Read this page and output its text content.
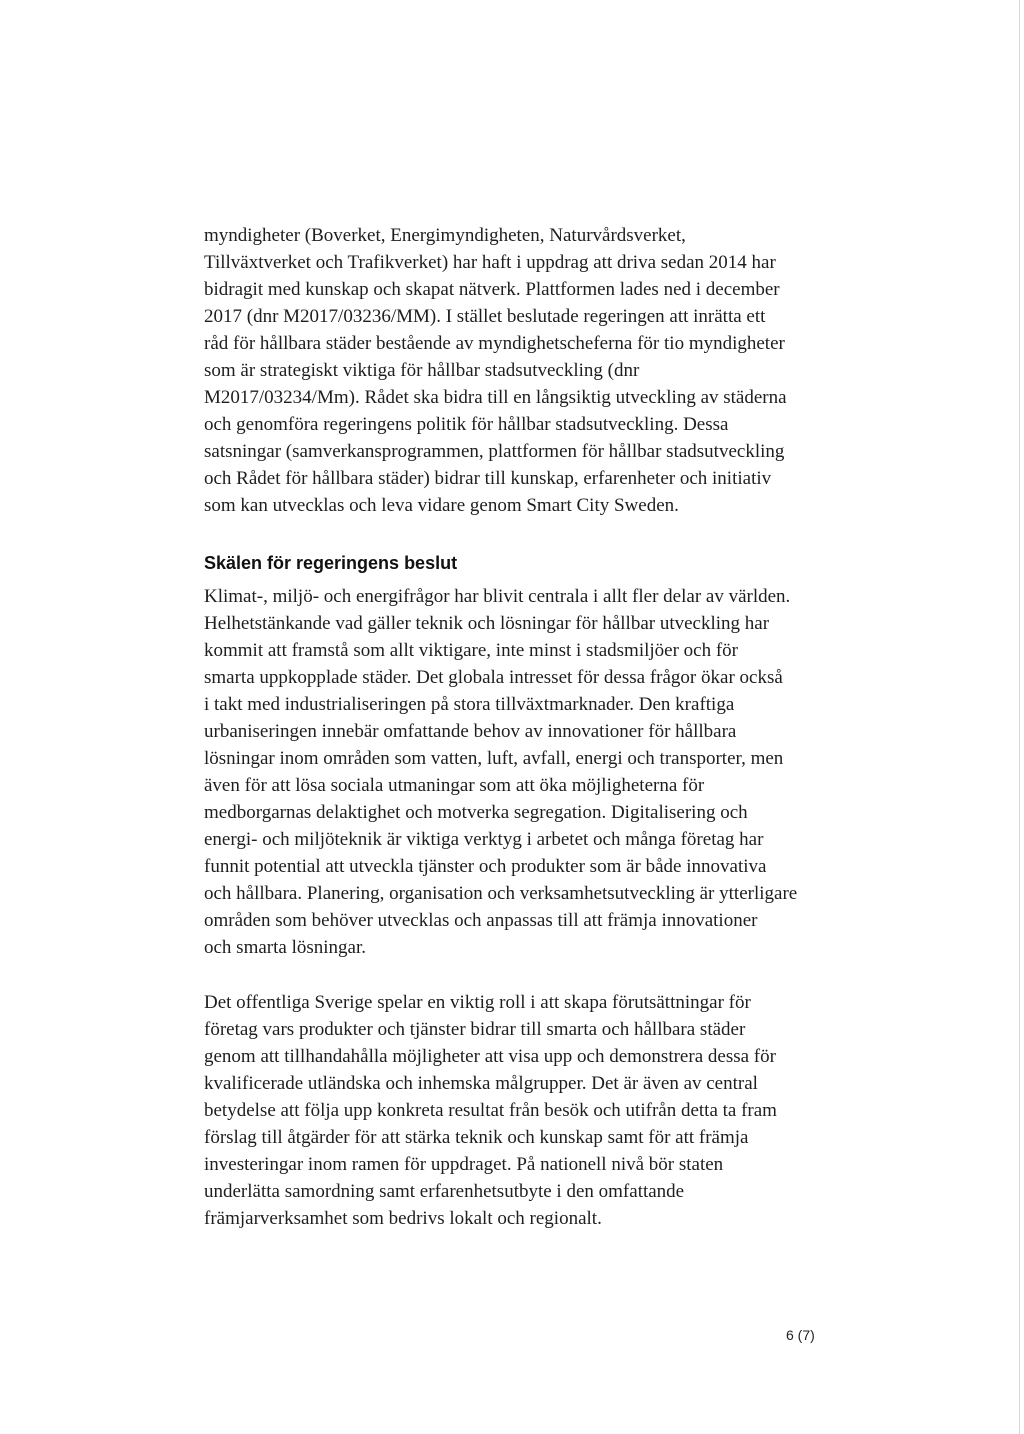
myndigheter (Boverket, Energimyndigheten, Naturvårdsverket,
Tillväxtverket och Trafikverket) har haft i uppdrag att driva sedan 2014 har
bidragit med kunskap och skapat nätverk. Plattformen lades ned i december
2017 (dnr M2017/03236/MM). I stället beslutade regeringen att inrätta ett
råd för hållbara städer bestående av myndighetscheferna för tio myndigheter
som är strategiskt viktiga för hållbar stadsutveckling (dnr
M2017/03234/Mm). Rådet ska bidra till en långsiktig utveckling av städerna
och genomföra regeringens politik för hållbar stadsutveckling. Dessa
satsningar (samverkansprogrammen, plattformen för hållbar stadsutveckling
och Rådet för hållbara städer) bidrar till kunskap, erfarenheter och initiativ
som kan utvecklas och leva vidare genom Smart City Sweden.

Skälen för regeringens beslut

Klimat-, miljö- och energifrågor har blivit centrala i allt fler delar av världen.
Helhetstänkande vad gäller teknik och lösningar för hållbar utveckling har
kommit att framstå som allt viktigare, inte minst i stadsmiljöer och för
smarta uppkopplade städer. Det globala intresset för dessa frågor ökar också
i takt med industrialiseringen på stora tillväxtmarknader. Den kraftiga
urbaniseringen innebär omfattande behov av innovationer för hållbara
lösningar inom områden som vatten, luft, avfall, energi och transporter, men
även för att lösa sociala utmaningar som att öka möjligheterna för
medborgarnas delaktighet och motverka segregation. Digitalisering och
energi- och miljöteknik är viktiga verktyg i arbetet och många företag har
funnit potential att utveckla tjänster och produkter som är både innovativa
och hållbara. Planering, organisation och verksamhetsutveckling är ytterligare
områden som behöver utvecklas och anpassas till att främja innovationer
och smarta lösningar.

Det offentliga Sverige spelar en viktig roll i att skapa förutsättningar för
företag vars produkter och tjänster bidrar till smarta och hållbara städer
genom att tillhandahålla möjligheter att visa upp och demonstrera dessa för
kvalificerade utländska och inhemska målgrupper. Det är även av central
betydelse att följa upp konkreta resultat från besök och utifrån detta ta fram
förslag till åtgärder för att stärka teknik och kunskap samt för att främja
investeringar inom ramen för uppdraget. På nationell nivå bör staten
underlätta samordning samt erfarenhetsutbyte i den omfattande
främjarverksamhet som bedrivs lokalt och regionalt.

6 (7)
